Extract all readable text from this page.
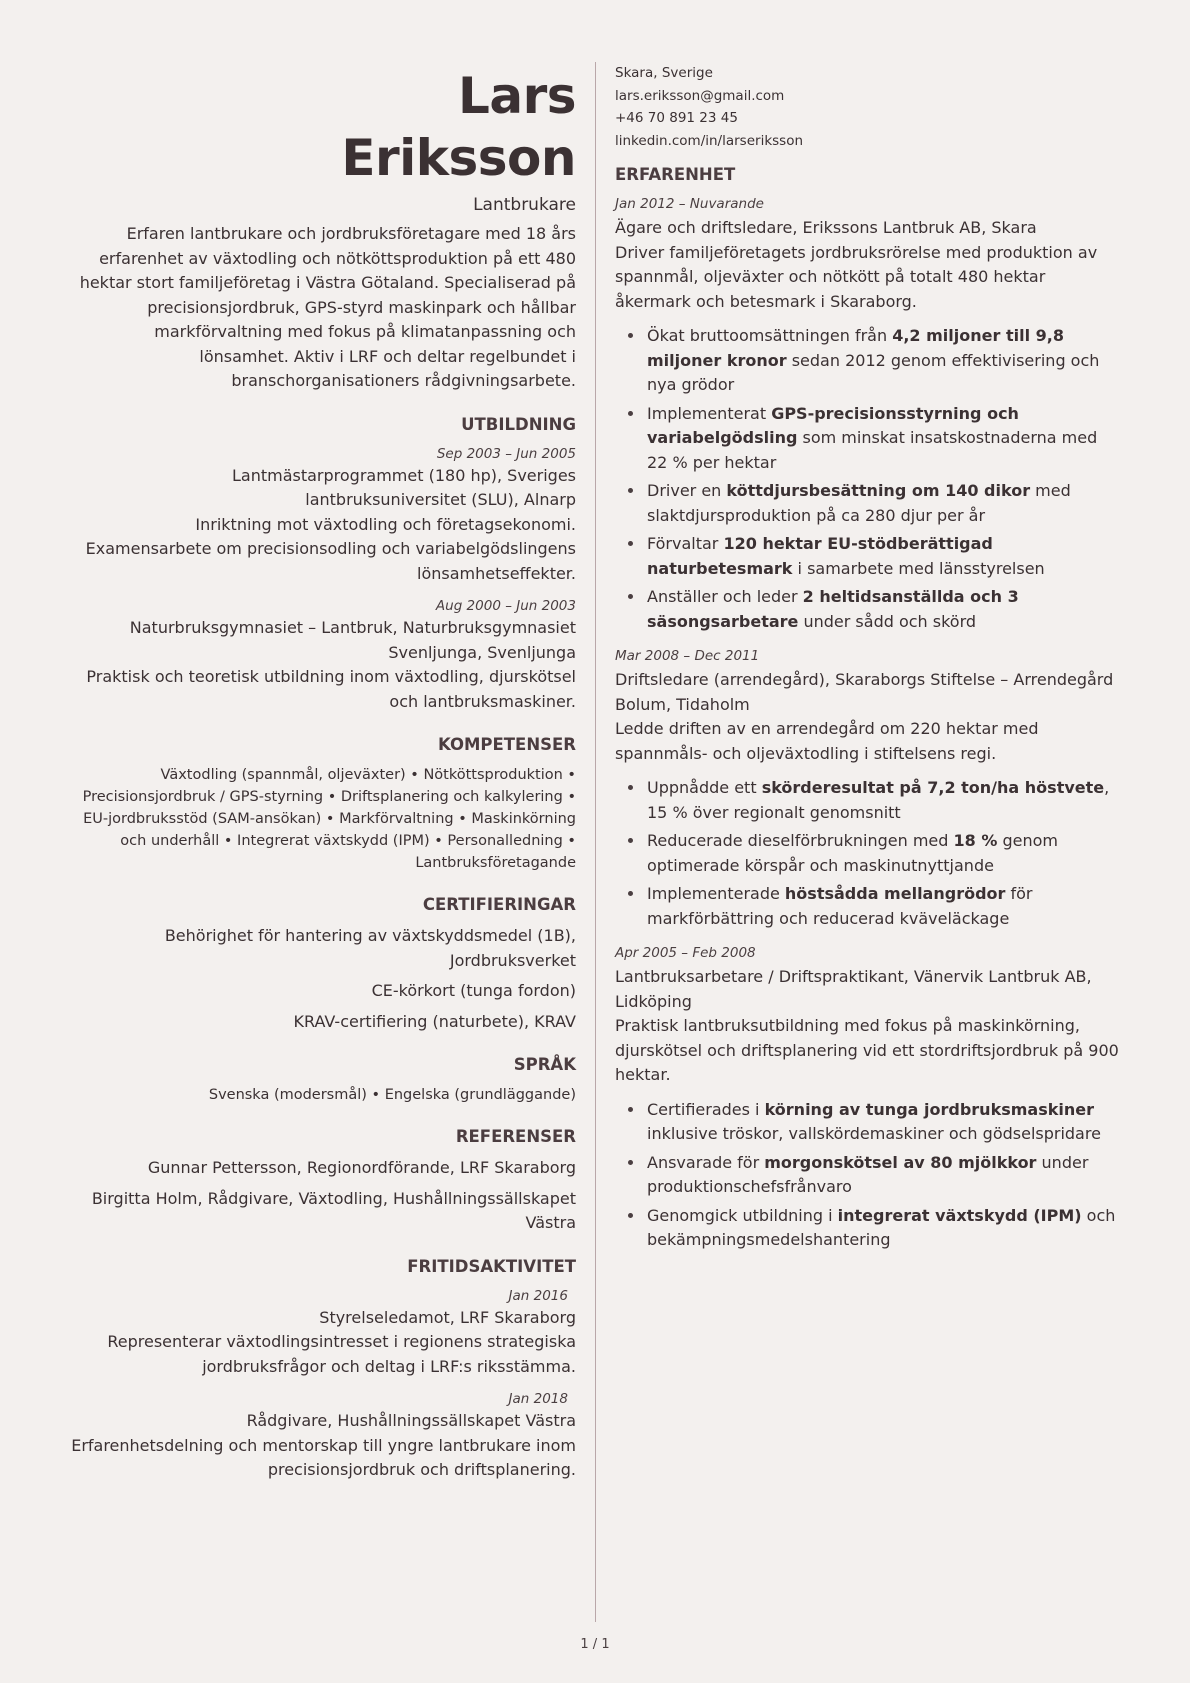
Lars
Eriksson
Lantbrukare
Erfaren lantbrukare och jordbruksföretagare med 18 års erfarenhet av växtodling och nötköttsproduktion på ett 480 hektar stort familjeföretag i Västra Götaland. Specialiserad på precisionsjordbruk, GPS-styrd maskinpark och hållbar markförvaltning med fokus på klimatanpassning och lönsamhet. Aktiv i LRF och deltar regelbundet i branschorganisationers rådgivningsarbete.
UTBILDNING
Sep 2003 – Jun 2005
Lantmästarprogrammet (180 hp), Sveriges lantbruksuniversitet (SLU), Alnarp
Inriktning mot växtodling och företagsekonomi. Examensarbete om precisionsodling och variabelgödslingens lönsamhetseffekter.
Aug 2000 – Jun 2003
Naturbruksgymnasiet – Lantbruk, Naturbruksgymnasiet Svenljunga, Svenljunga
Praktisk och teoretisk utbildning inom växtodling, djurskötsel och lantbruksmaskiner.
KOMPETENSER
Växtodling (spannmål, oljeväxter) • Nötköttsproduktion • Precisionsjordbruk / GPS-styrning • Driftsplanering och kalkylering • EU-jordbruksstöd (SAM-ansökan) • Markförvaltning • Maskinkörning och underhåll • Integrerat växtskydd (IPM) • Personalledning • Lantbruksföretagande
CERTIFIERINGAR
Behörighet för hantering av växtskyddsmedel (1B), Jordbruksverket
CE-körkort (tunga fordon)
KRAV-certifiering (naturbete), KRAV
SPRÅK
Svenska (modersmål) • Engelska (grundläggande)
REFERENSER
Gunnar Pettersson, Regionordförande, LRF Skaraborg
Birgitta Holm, Rådgivare, Växtodling, Hushållningssällskapet Västra
FRITIDSAKTIVITET
Jan 2016
Styrelseledamot, LRF Skaraborg
Representerar växtodlingsintresset i regionens strategiska jordbruksfrågor och deltag i LRF:s riksstämma.
Jan 2018
Rådgivare, Hushållningssällskapet Västra
Erfarenhetsdelning och mentorskap till yngre lantbrukare inom precisionsjordbruk och driftsplanering.
Skara, Sverige
lars.eriksson@gmail.com
+46 70 891 23 45
linkedin.com/in/larseriksson
ERFARENHET
Jan 2012 – Nuvarande
Ägare och driftsledare, Erikssons Lantbruk AB, Skara
Driver familjeföretagets jordbruksrörelse med produktion av spannmål, oljeväxter och nötkött på totalt 480 hektar åkermark och betesmark i Skaraborg.
• Ökat bruttoomsättningen från 4,2 miljoner till 9,8 miljoner kronor sedan 2012 genom effektivisering och nya grödor
• Implementerat GPS-precisionsstyrning och variabelgödsling som minskat insatskostnaderna med 22 % per hektar
• Driver en köttdjursbesättning om 140 dikor med slaktdjursproduktion på ca 280 djur per år
• Förvaltar 120 hektar EU-stödberättigad naturbetesmark i samarbete med länsstyrelsen
• Anställer och leder 2 heltidsanställda och 3 säsongsarbetare under sådd och skörd
Mar 2008 – Dec 2011
Driftsledare (arrendegård), Skaraborgs Stiftelse – Arrendegård Bolum, Tidaholm
Ledde driften av en arrendegård om 220 hektar med spannmåls- och oljeväxtodling i stiftelsens regi.
• Uppnådde ett skörderesultat på 7,2 ton/ha höstvete, 15 % över regionalt genomsnitt
• Reducerade dieselförbrukningen med 18 % genom optimerade körspår och maskinutnyttjande
• Implementerade höstsådda mellangrödor för markförbättring och reducerad kväveläckage
Apr 2005 – Feb 2008
Lantbruksarbetare / Driftspraktikant, Vänervik Lantbruk AB, Lidköping
Praktisk lantbruksutbildning med fokus på maskinkörning, djurskötsel och driftsplanering vid ett stordriftsjordbruk på 900 hektar.
• Certifierades i körning av tunga jordbruksmaskiner inklusive tröskor, vallskördemaskiner och gödselspridare
• Ansvarade för morgonskötsel av 80 mjölkkor under produktionschefsfrånvaro
• Genomgick utbildning i integrerat växtskydd (IPM) och bekämpningsmedelshantering
1 / 1
